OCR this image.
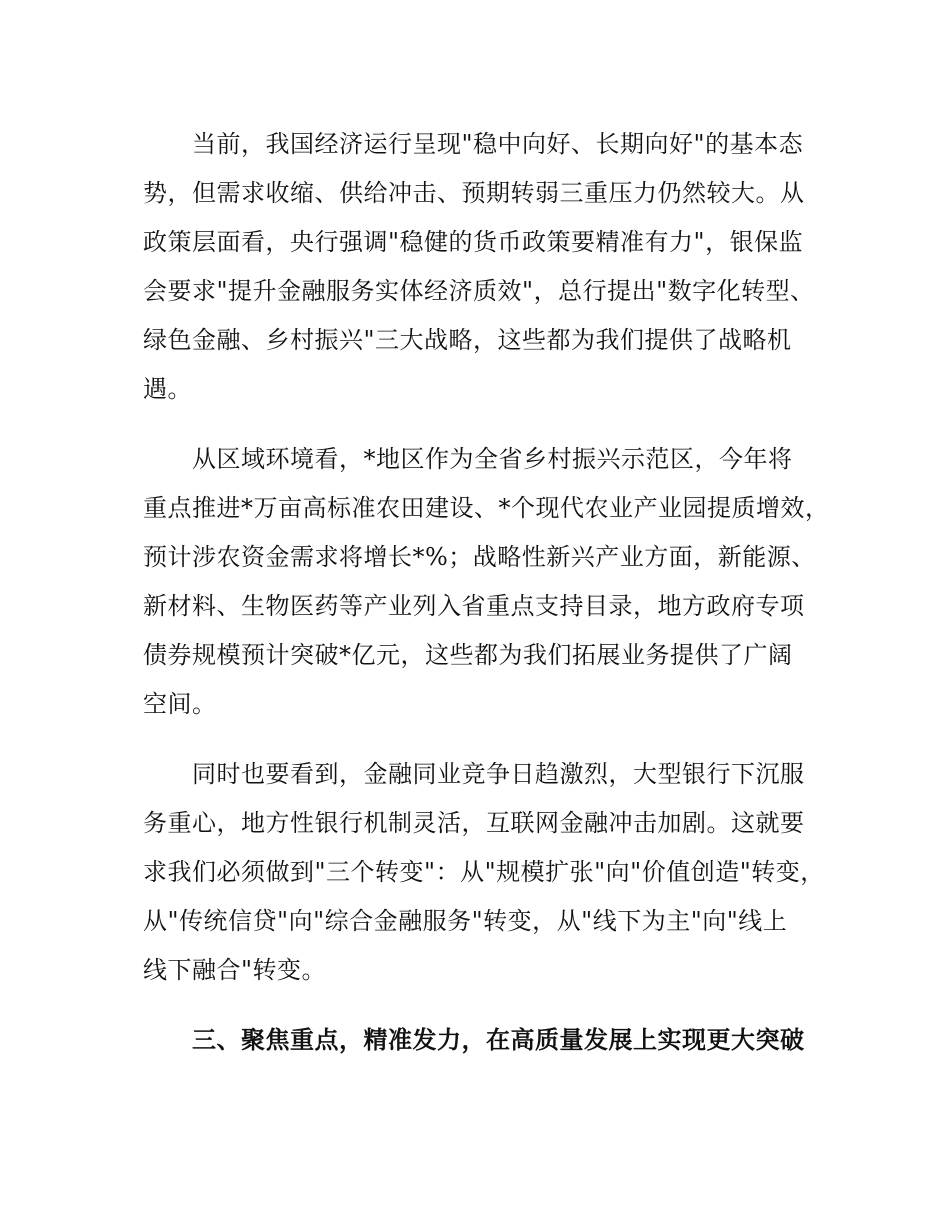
当前，我国经济运行呈现"稳中向好、长期向好"的基本态
势，但需求收缩、供给冲击、预期转弱三重压力仍然较大。从
政策层面看，央行强调"稳健的货币政策要精准有力"，银保监
会要求"提升金融服务实体经济质效"，总行提出"数字化转型、
绿色金融、乡村振兴"三大战略，这些都为我们提供了战略机
遇。
从区域环境看，*地区作为全省乡村振兴示范区，今年将
重点推进*万亩高标准农田建设、*个现代农业产业园提质增效，
预计涉农资金需求将增长*%；战略性新兴产业方面，新能源、
新材料、生物医药等产业列入省重点支持目录，地方政府专项
债券规模预计突破*亿元，这些都为我们拓展业务提供了广阔
空间。
同时也要看到，金融同业竞争日趋激烈，大型银行下沉服
务重心，地方性银行机制灵活，互联网金融冲击加剧。这就要
求我们必须做到"三个转变"：从"规模扩张"向"价值创造"转变，
从"传统信贷"向"综合金融服务"转变，从"线下为主"向"线上
线下融合"转变。
三、聚焦重点，精准发力，在高质量发展上实现更大突破
